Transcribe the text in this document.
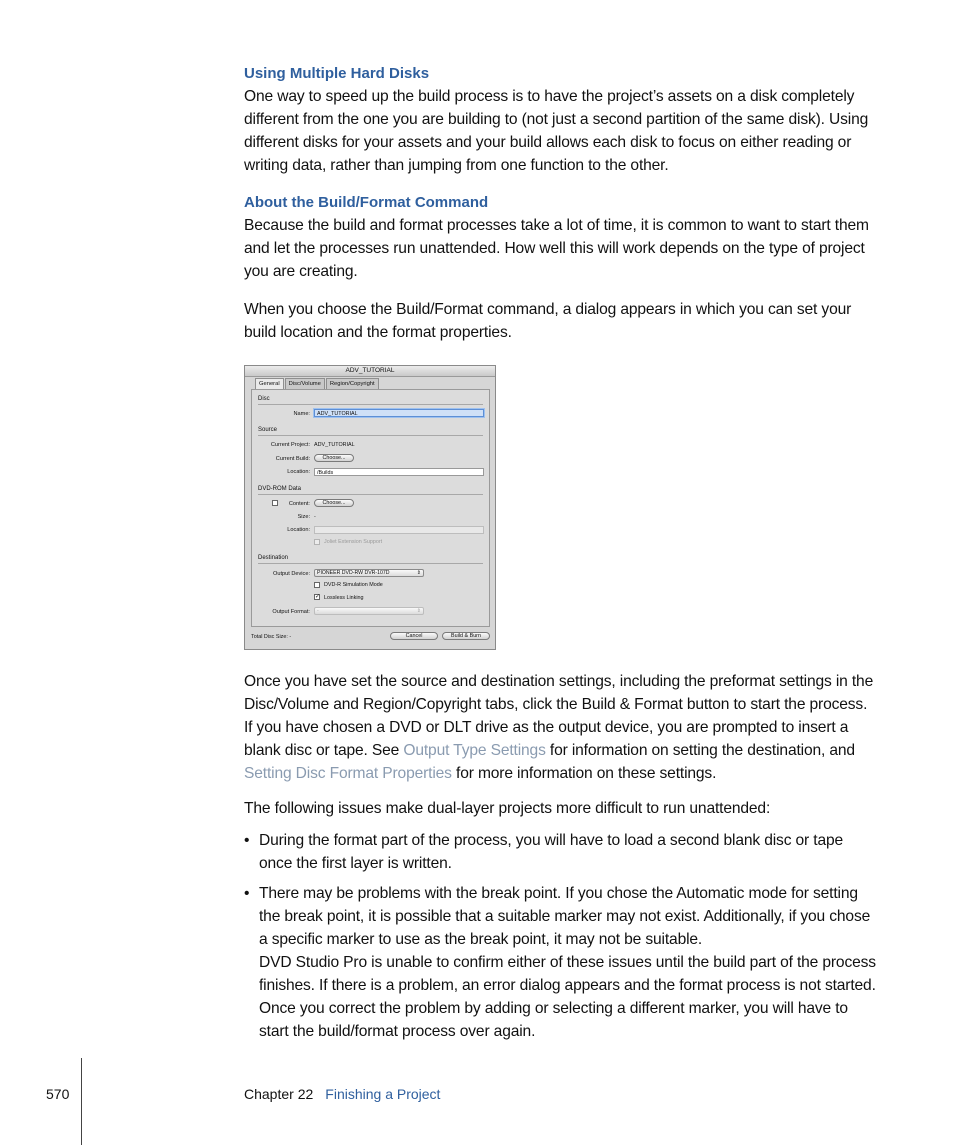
Using Multiple Hard Disks

One way to speed up the build process is to have the project’s assets on a disk completely different from the one you are building to (not just a second partition of the same disk). Using different disks for your assets and your build allows each disk to focus on either reading or writing data, rather than jumping from one function to the other.

About the Build/Format Command

Because the build and format processes take a lot of time, it is common to want to start them and let the processes run unattended. How well this will work depends on the type of project you are creating.

When you choose the Build/Format command, a dialog appears in which you can set your build location and the format properties.

ADV_TUTORIAL
General	Disc/Volume	Region/Copyright
Disc
Name:	ADV_TUTORIAL
Source
Current Project: ADV_TUTORIAL
Current Build:	Choose...
Location:	/Builds
DVD-ROM Data
Content:	Choose...
Size: -
Location:
Joliet Extension Support
Destination
Output Device:	PIONEER DVD-RW DVR-107D	⇕
DVD-R Simulation Mode
✓ Lossless Linking
Output Format:	-	⇕
Total Disc Size: -	Cancel	Build & Burn

Once you have set the source and destination settings, including the preformat settings in the Disc/Volume and Region/Copyright tabs, click the Build & Format button to start the process. If you have chosen a DVD or DLT drive as the output device, you are prompted to insert a blank disc or tape. See Output Type Settings for information on setting the destination, and Setting Disc Format Properties for more information on these settings.

The following issues make dual-layer projects more difficult to run unattended:

• During the format part of the process, you will have to load a second blank disc or tape once the first layer is written.
• There may be problems with the break point. If you chose the Automatic mode for setting the break point, it is possible that a suitable marker may not exist. Additionally, if you chose a specific marker to use as the break point, it may not be suitable.
DVD Studio Pro is unable to confirm either of these issues until the build part of the process finishes. If there is a problem, an error dialog appears and the format process is not started. Once you correct the problem by adding or selecting a different marker, you will have to start the build/format process over again.
570	Chapter 22 Finishing a Project
